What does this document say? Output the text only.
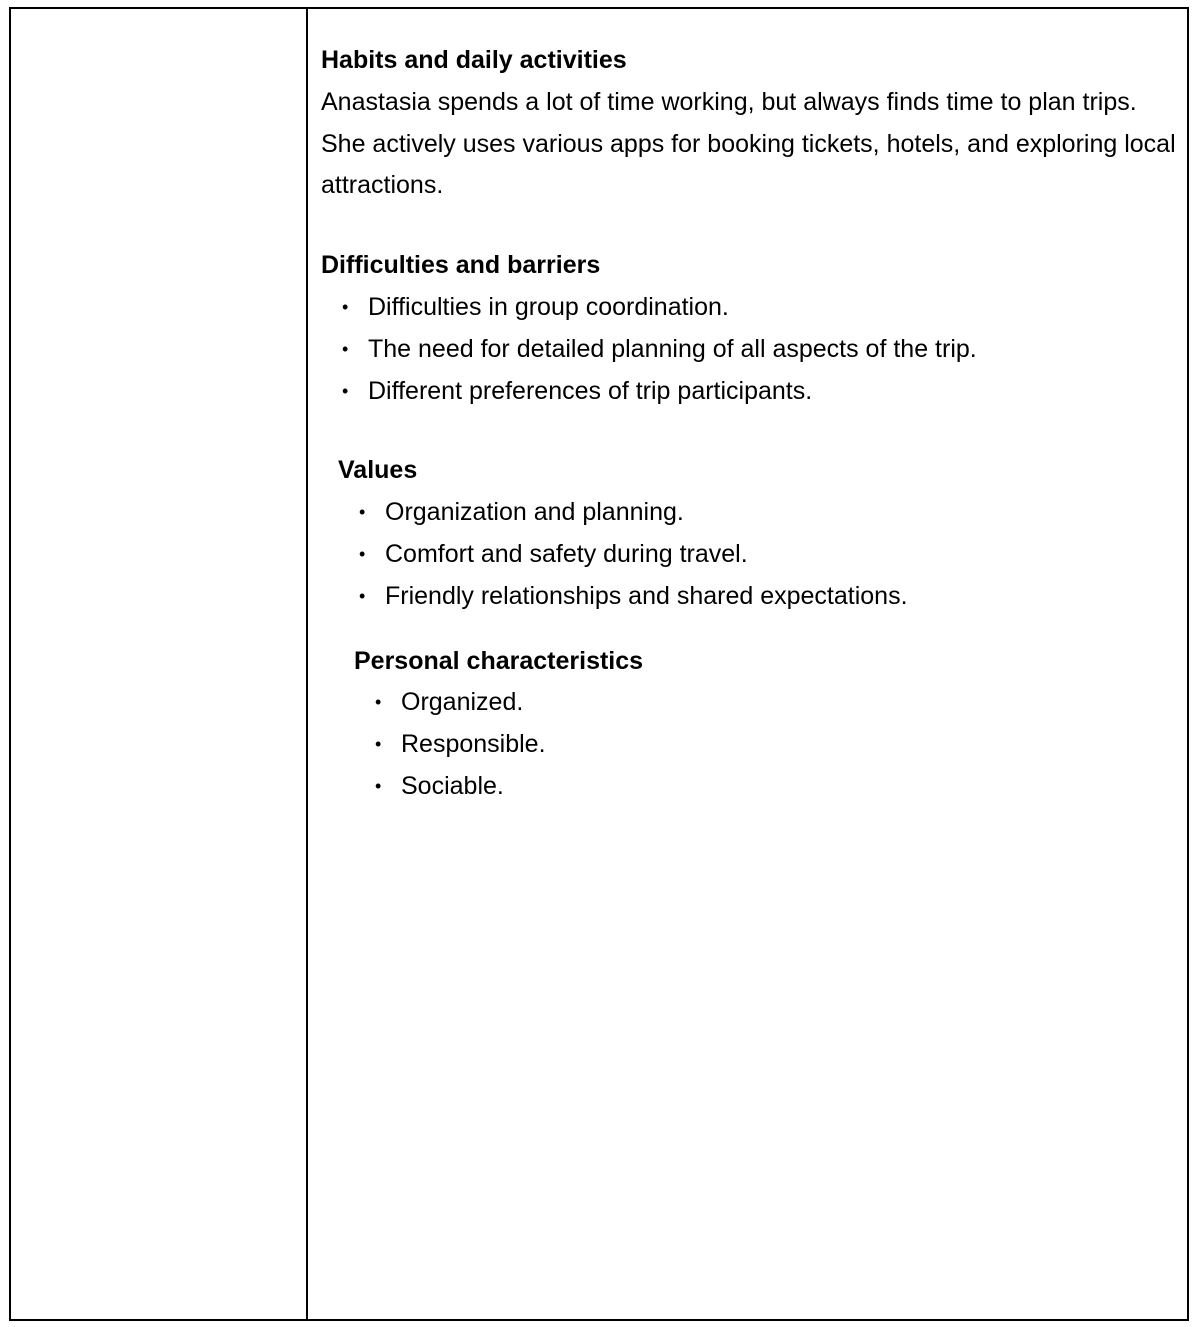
Habits and daily activities

Anastasia spends a lot of time working, but always finds time to plan trips. She actively uses various apps for booking tickets, hotels, and exploring local attractions.

Difficulties and barriers

• Difficulties in group coordination.
• The need for detailed planning of all aspects of the trip.
• Different preferences of trip participants.

Values

• Organization and planning.
• Comfort and safety during travel.
• Friendly relationships and shared expectations.

Personal characteristics

• Organized.
• Responsible.
• Sociable.
